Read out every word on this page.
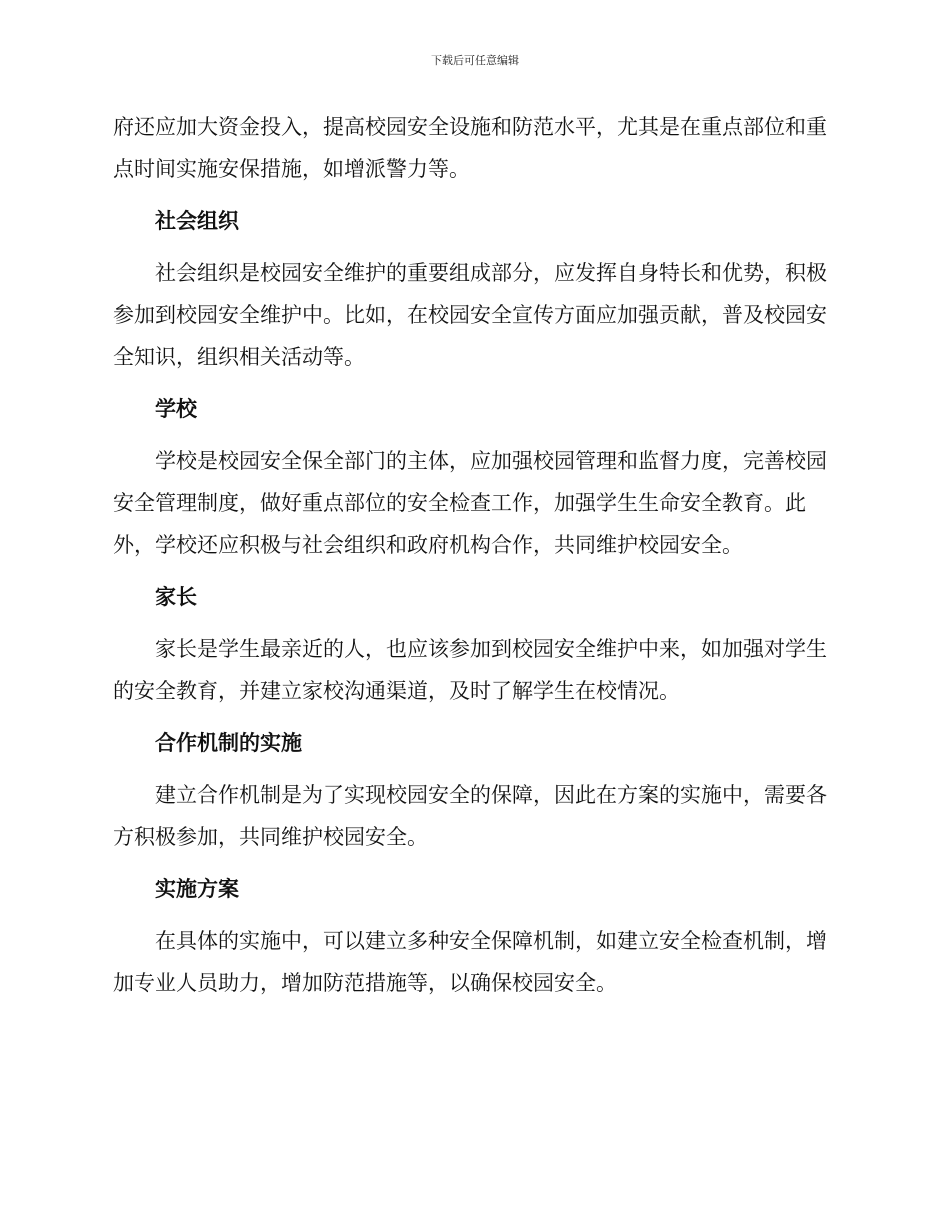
下载后可任意编辑

府还应加大资金投入，提高校园安全设施和防范水平，尤其是在重点部位和重点时间实施安保措施，如增派警力等。

社会组织

社会组织是校园安全维护的重要组成部分，应发挥自身特长和优势，积极参加到校园安全维护中。比如，在校园安全宣传方面应加强贡献，普及校园安全知识，组织相关活动等。

学校

学校是校园安全保全部门的主体，应加强校园管理和监督力度，完善校园安全管理制度，做好重点部位的安全检查工作，加强学生生命安全教育。此外，学校还应积极与社会组织和政府机构合作，共同维护校园安全。

家长

家长是学生最亲近的人，也应该参加到校园安全维护中来，如加强对学生的安全教育，并建立家校沟通渠道，及时了解学生在校情况。

合作机制的实施

建立合作机制是为了实现校园安全的保障，因此在方案的实施中，需要各方积极参加，共同维护校园安全。

实施方案

在具体的实施中，可以建立多种安全保障机制，如建立安全检查机制，增加专业人员助力，增加防范措施等，以确保校园安全。
